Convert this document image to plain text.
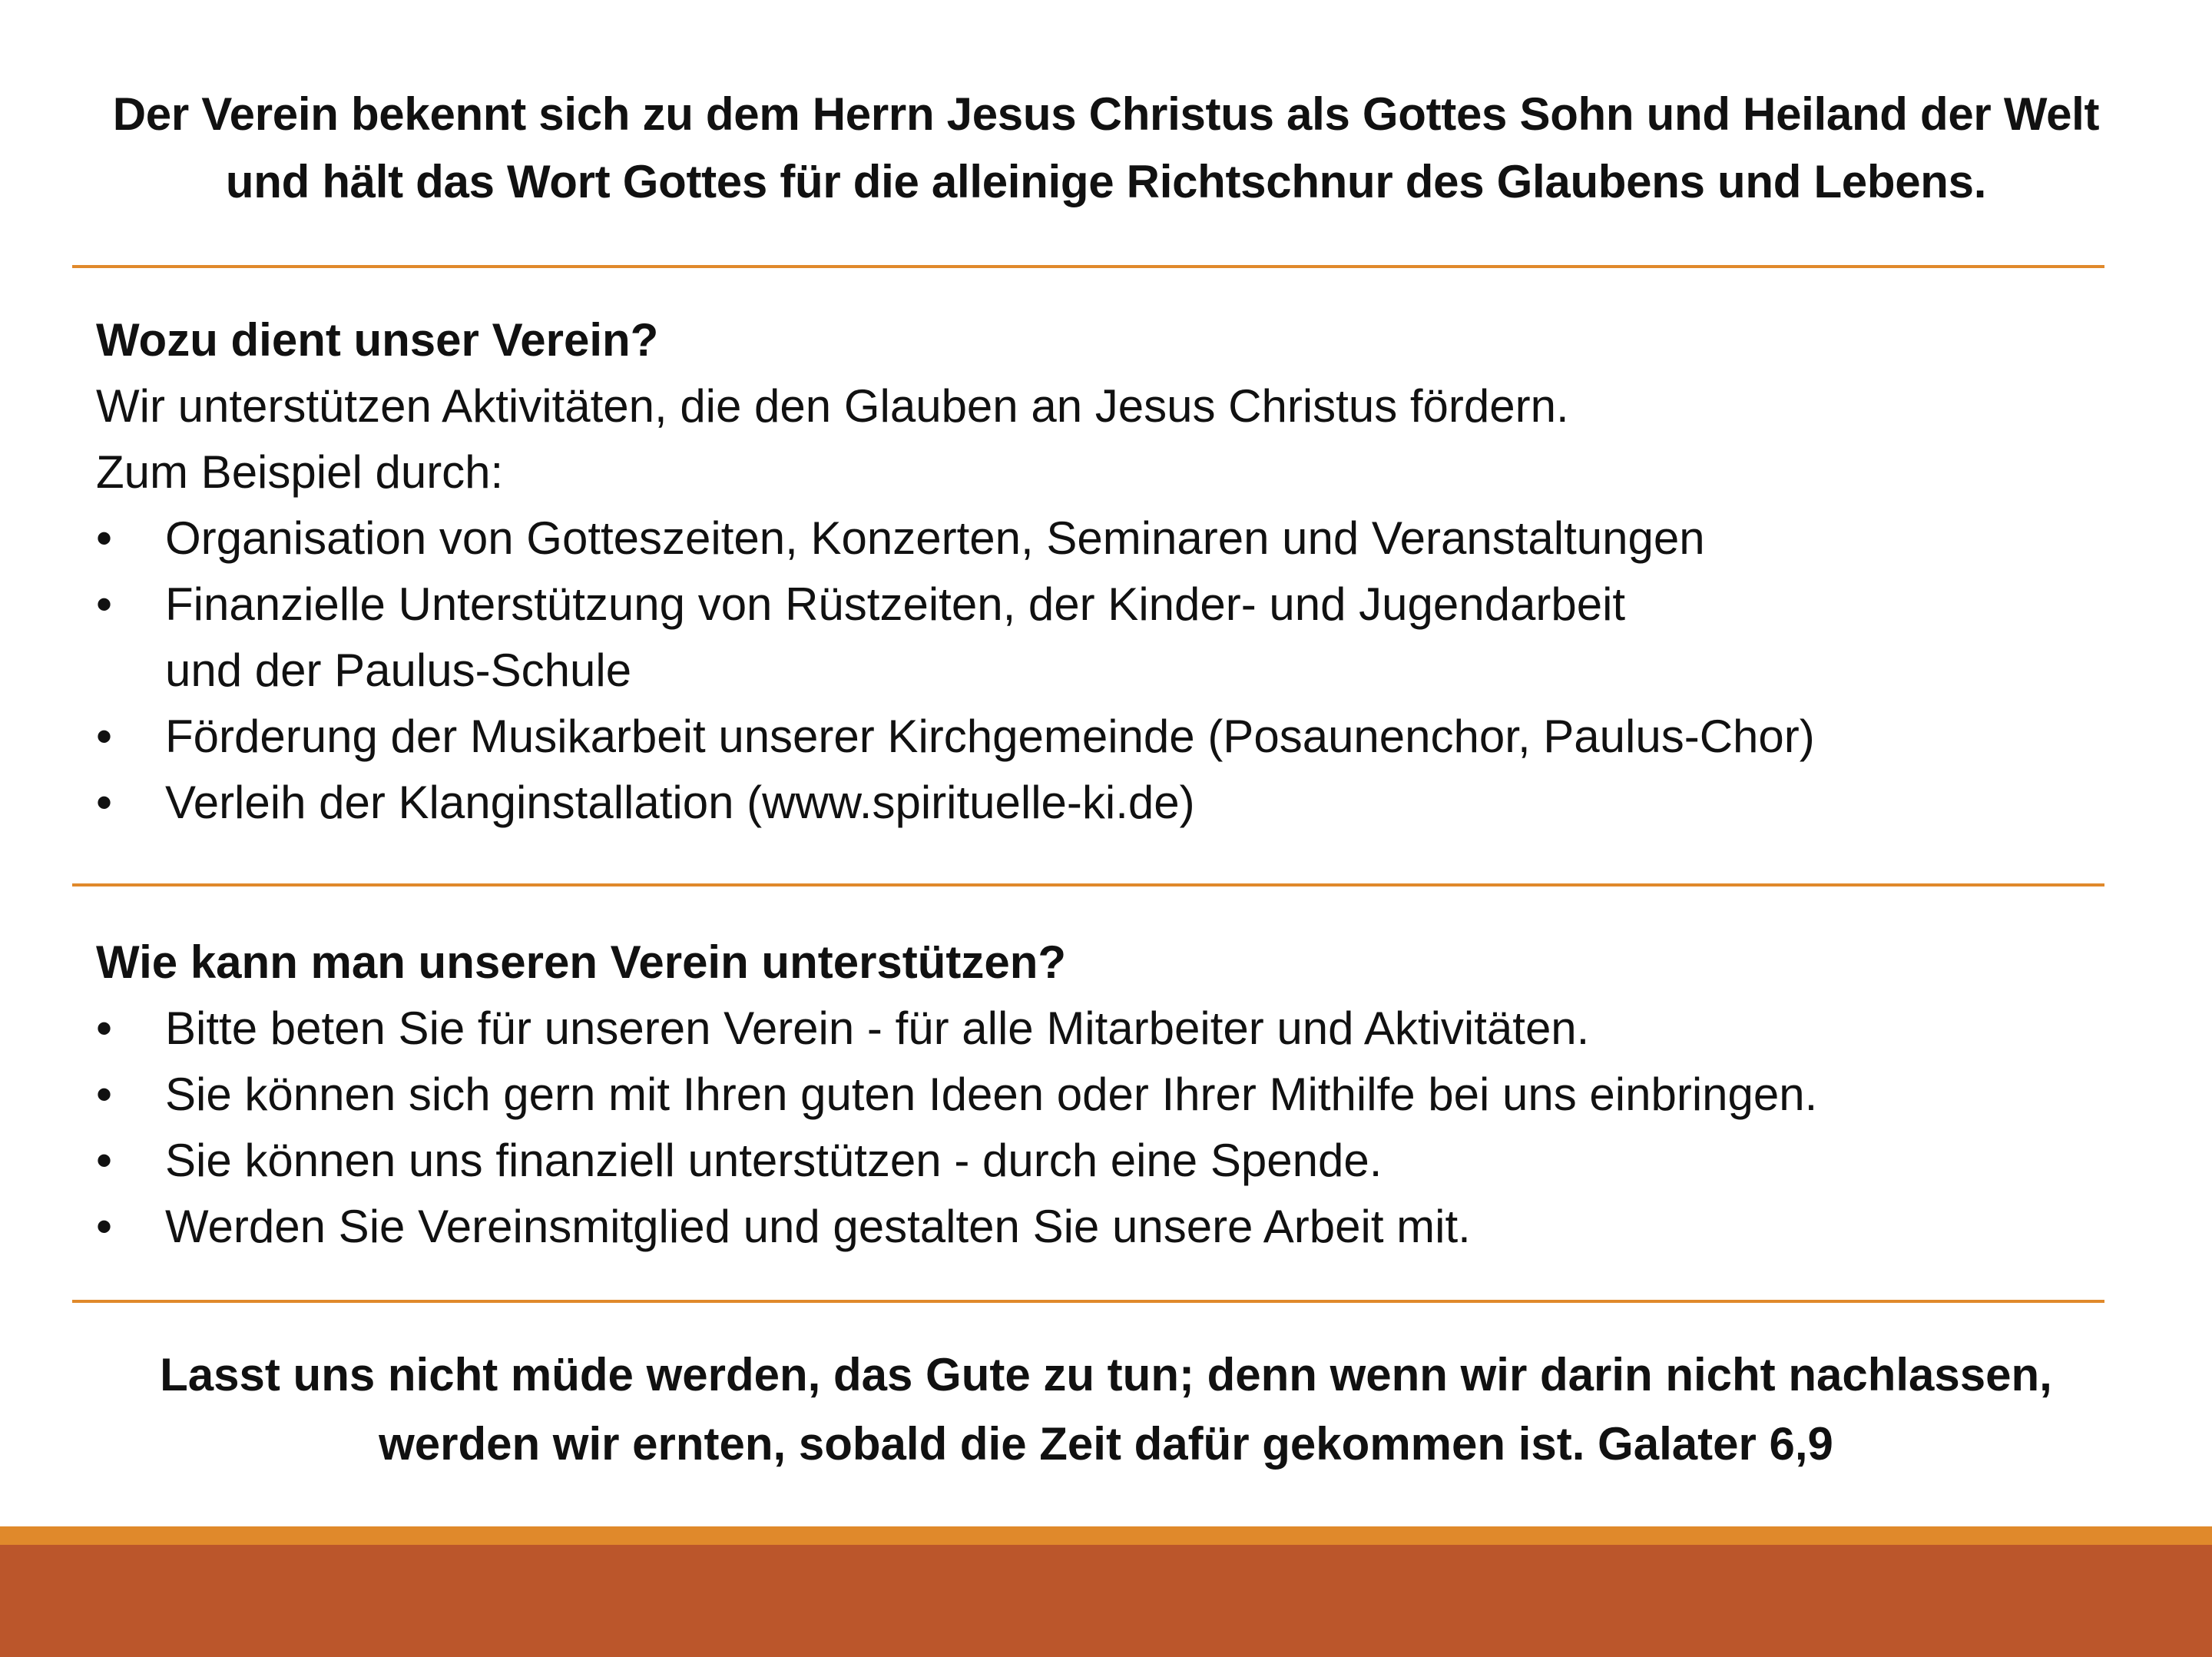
Der Verein bekennt sich zu dem Herrn Jesus Christus als Gottes Sohn und Heiland der Welt
und hält das Wort Gottes für die alleinige Richtschnur des Glaubens und Lebens.
Wozu dient unser Verein?
Wir unterstützen Aktivitäten, die den Glauben an Jesus Christus fördern.
Zum Beispiel durch:
•	Organisation von Gotteszeiten, Konzerten, Seminaren und Veranstaltungen
•	Finanzielle Unterstützung von Rüstzeiten, der Kinder- und Jugendarbeit
und der Paulus-Schule
•	Förderung der Musikarbeit unserer Kirchgemeinde (Posaunenchor, Paulus-Chor)
•	Verleih der Klanginstallation (www.spirituelle-ki.de)
Wie kann man unseren Verein unterstützen?
•	Bitte beten Sie für unseren Verein - für alle Mitarbeiter und Aktivitäten.
•	Sie können sich gern mit Ihren guten Ideen oder Ihrer Mithilfe bei uns einbringen.
•	Sie können uns finanziell unterstützen - durch eine Spende.
•	Werden Sie Vereinsmitglied und gestalten Sie unsere Arbeit mit.
Lasst uns nicht müde werden, das Gute zu tun; denn wenn wir darin nicht nachlassen,
werden wir ernten, sobald die Zeit dafür gekommen ist. Galater 6,9
